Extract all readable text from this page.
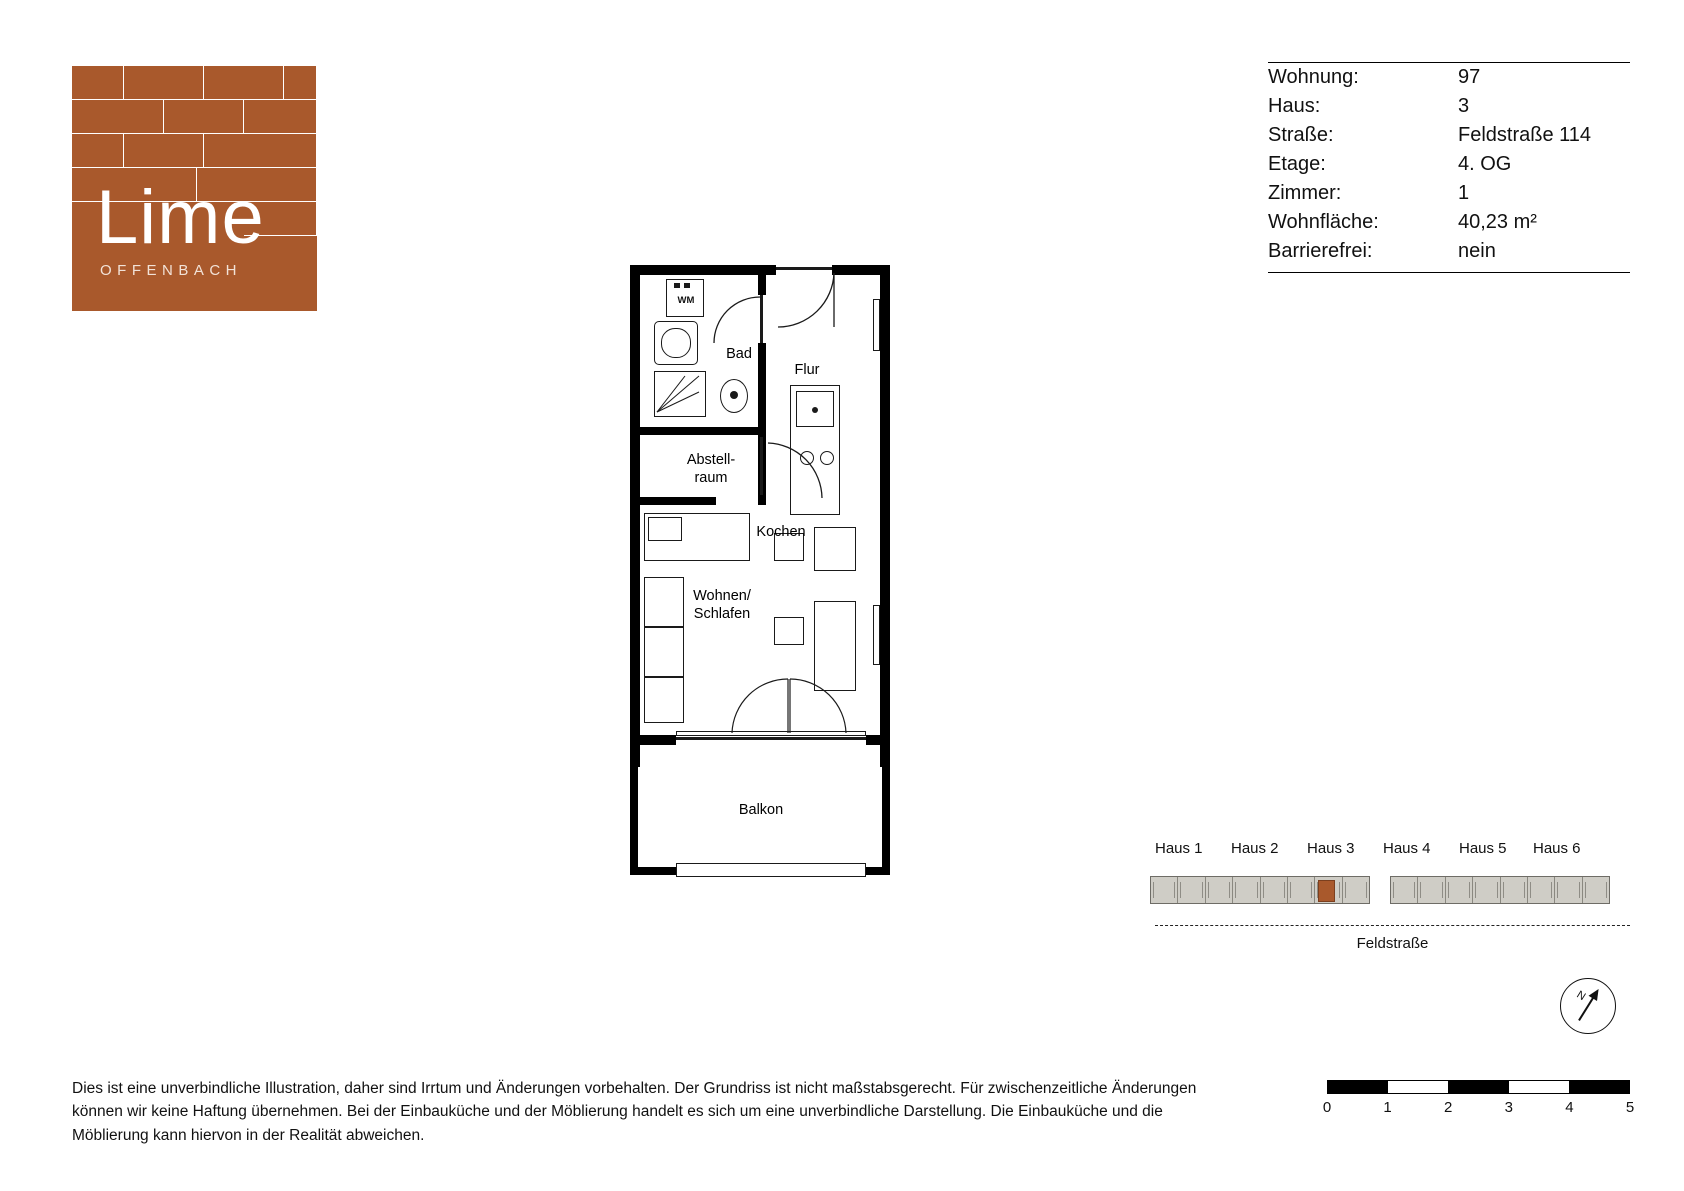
Lime
OFFENBACH
Wohnung:	97
Haus:	3
Straße:	Feldstraße 114
Etage:	4. OG
Zimmer:	1
Wohnfläche:	40,23 m²
Barrierefrei:	nein
WM
Bad
Flur
Abstell-
raum
Kochen
Wohnen/
Schlafen
Balkon
Haus 1 Haus 2 Haus 3 Haus 4 Haus 5 Haus 6
Feldstraße
N
0	1	2	3	4	5
Dies ist eine unverbindliche Illustration, daher sind Irrtum und Änderungen vorbehalten. Der Grundriss ist nicht maßstabsgerecht. Für zwischenzeitliche Änderungen können wir keine Haftung übernehmen. Bei der Einbauküche und der Möblierung handelt es sich um eine unverbindliche Darstellung. Die Einbauküche und die Möblierung kann hiervon in der Realität abweichen.
